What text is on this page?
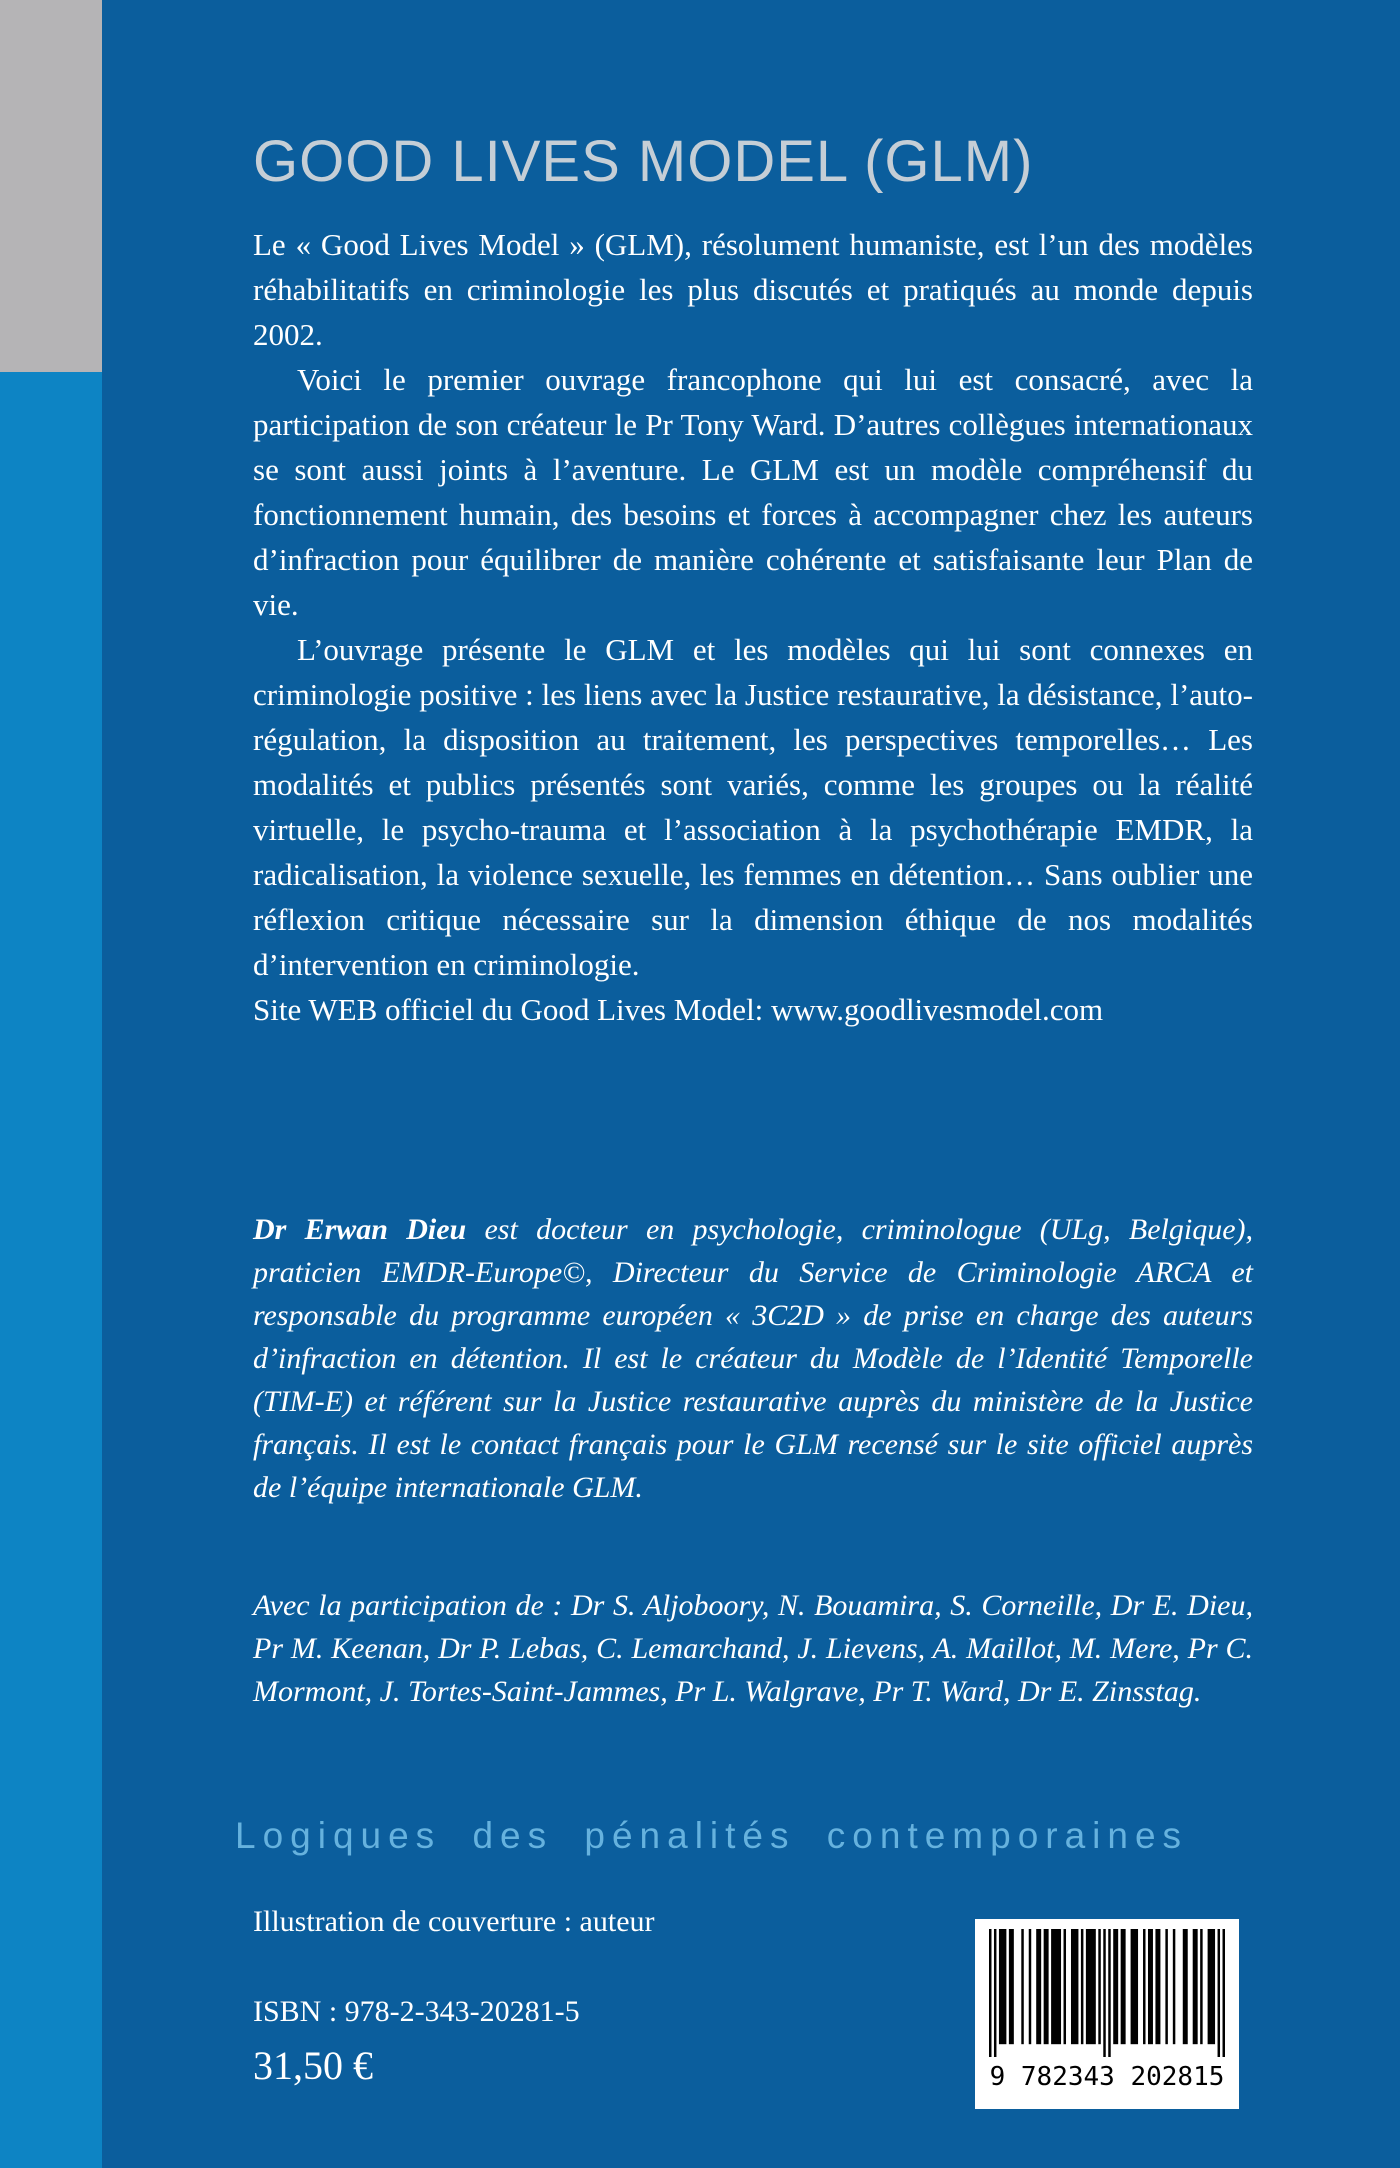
GOOD LIVES MODEL (GLM)

Le « Good Lives Model » (GLM), résolument humaniste, est l’un des modèles réhabilitatifs en criminologie les plus discutés et pratiqués au monde depuis 2002.

Voici le premier ouvrage francophone qui lui est consacré, avec la participation de son créateur le Pr Tony Ward. D’autres collègues internationaux se sont aussi joints à l’aventure. Le GLM est un modèle compréhensif du fonctionnement humain, des besoins et forces à accompagner chez les auteurs d’infraction pour équilibrer de manière cohérente et satisfaisante leur Plan de vie.

L’ouvrage présente le GLM et les modèles qui lui sont connexes en criminologie positive : les liens avec la Justice restaurative, la désistance, l’auto-régulation, la disposition au traitement, les perspectives temporelles… Les modalités et publics présentés sont variés, comme les groupes ou la réalité virtuelle, le psycho-trauma et l’association à la psychothérapie EMDR, la radicalisation, la violence sexuelle, les femmes en détention… Sans oublier une réflexion critique nécessaire sur la dimension éthique de nos modalités d’intervention en criminologie.

Site WEB officiel du Good Lives Model: www.goodlivesmodel.com

Dr Erwan Dieu est docteur en psychologie, criminologue (ULg, Belgique), praticien EMDR-Europe©, Directeur du Service de Criminologie ARCA et responsable du programme européen « 3C2D » de prise en charge des auteurs d’infraction en détention. Il est le créateur du Modèle de l’Identité Temporelle (TIM-E) et référent sur la Justice restaurative auprès du ministère de la Justice français. Il est le contact français pour le GLM recensé sur le site officiel auprès de l’équipe internationale GLM.
Avec la participation de : Dr S. Aljoboory, N. Bouamira, S. Corneille, Dr E. Dieu, Pr M. Keenan, Dr P. Lebas, C. Lemarchand, J. Lievens, A. Maillot, M. Mere, Pr C. Mormont, J. Tortes-Saint-Jammes, Pr L. Walgrave, Pr T. Ward, Dr E. Zinsstag.
Logiques des pénalités contemporaines
Illustration de couverture : auteur
ISBN : 978-2-343-20281-5
31,50 €	9 782343 202815
